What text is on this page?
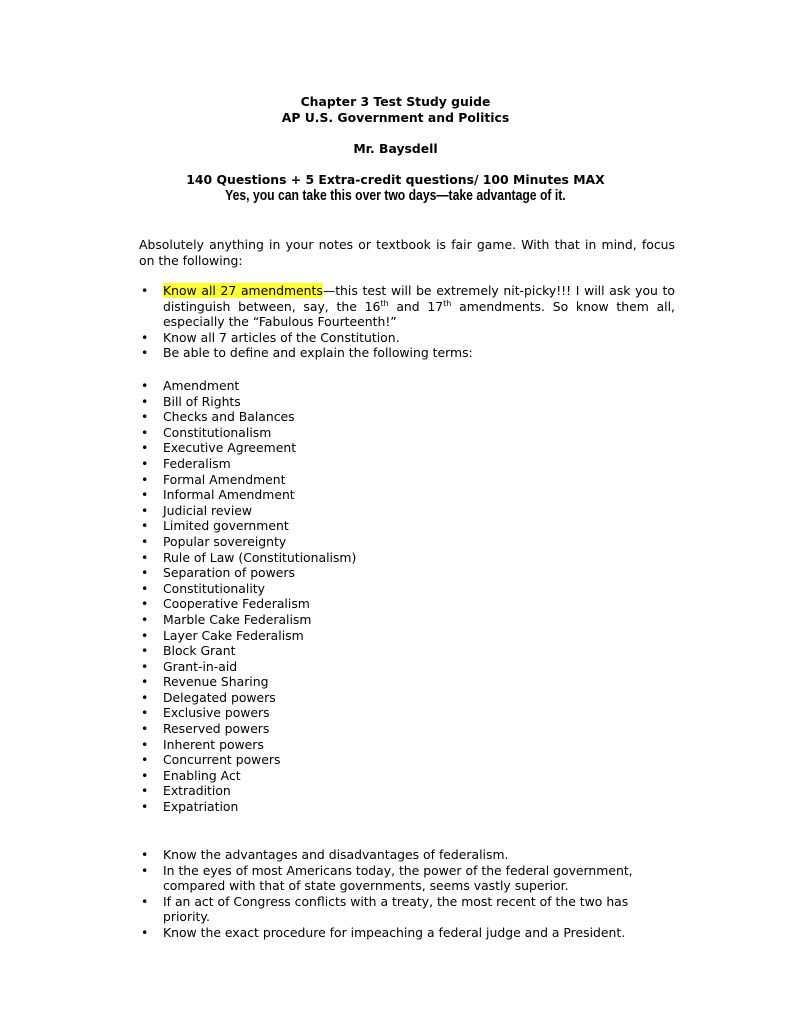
Chapter 3 Test Study guide
AP U.S. Government and Politics
Mr. Baysdell
140 Questions + 5 Extra-credit questions/ 100 Minutes MAX
Yes, you can take this over two days—take advantage of it.
Absolutely anything in your notes or textbook is fair game. With that in mind, focus on the following:
• Know all 27 amendments—this test will be extremely nit-picky!!! I will ask you to distinguish between, say, the 16th and 17th amendments. So know them all, especially the “Fabulous Fourteenth!”
• Know all 7 articles of the Constitution.
• Be able to define and explain the following terms:
• Amendment
• Bill of Rights
• Checks and Balances
• Constitutionalism
• Executive Agreement
• Federalism
• Formal Amendment
• Informal Amendment
• Judicial review
• Limited government
• Popular sovereignty
• Rule of Law (Constitutionalism)
• Separation of powers
• Constitutionality
• Cooperative Federalism
• Marble Cake Federalism
• Layer Cake Federalism
• Block Grant
• Grant-in-aid
• Revenue Sharing
• Delegated powers
• Exclusive powers
• Reserved powers
• Inherent powers
• Concurrent powers
• Enabling Act
• Extradition
• Expatriation
• Know the advantages and disadvantages of federalism.
• In the eyes of most Americans today, the power of the federal government, compared with that of state governments, seems vastly superior.
• If an act of Congress conflicts with a treaty, the most recent of the two has priority.
• Know the exact procedure for impeaching a federal judge and a President.
